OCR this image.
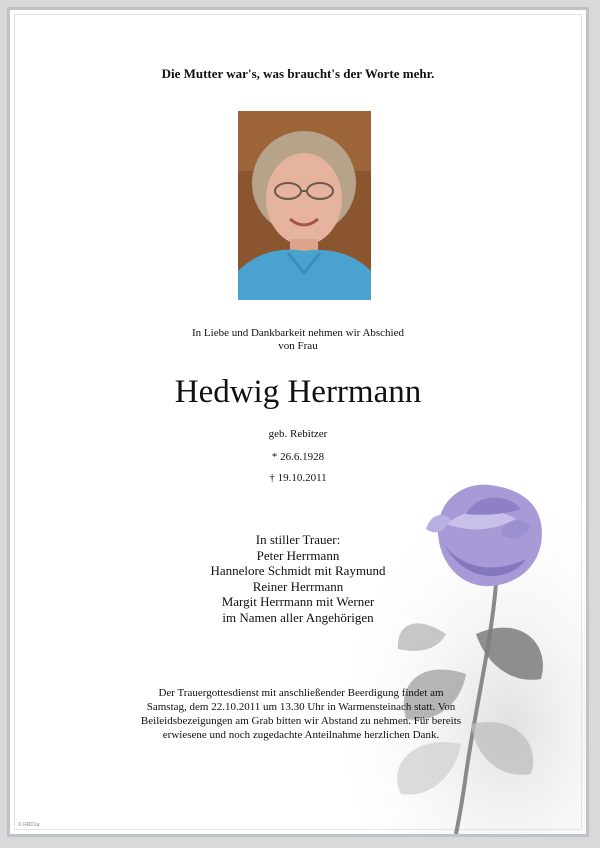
Die Mutter war's, was braucht's der Worte mehr.
In Liebe und Dankbarkeit nehmen wir Abschied
von Frau
Hedwig Herrmann
geb. Rebitzer
* 26.6.1928
† 19.10.2011
In stiller Trauer:
Peter Herrmann
Hannelore Schmidt mit Raymund
Reiner Herrmann
Margit Herrmann mit Werner
im Namen aller Angehörigen
Der Trauergottesdienst mit anschließender Beerdigung findet am
Samstag, dem 22.10.2011 um 13.30 Uhr in Warmensteinach statt. Von
Beileidsbezeigungen am Grab bitten wir Abstand zu nehmen. Für bereits
erwiesene und noch zugedachte Anteilnahme herzlichen Dank.
© RRD1a
